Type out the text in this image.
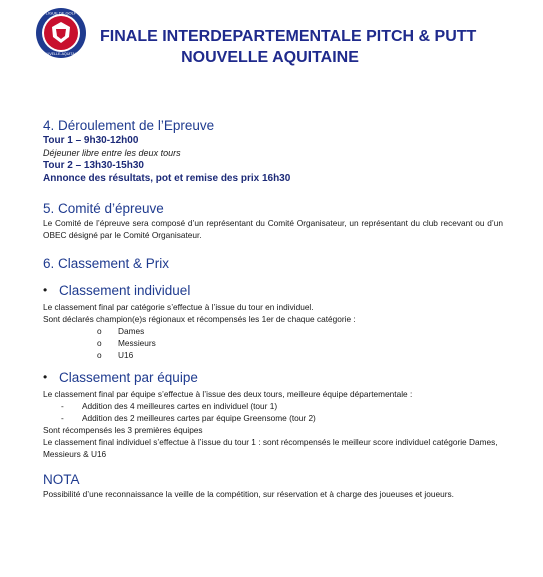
LIGUE DE GOLF
NOUVELLE-AQUITAINE
FINALE INTERDEPARTEMENTALE PITCH & PUTT
NOUVELLE AQUITAINE
4. Déroulement de l’Epreuve
Tour 1 – 9h30-12h00
Déjeuner libre entre les deux tours
Tour 2 – 13h30-15h30
Annonce des résultats, pot et remise des prix 16h30
5. Comité d’épreuve
Le Comité de l’épreuve sera composé d’un représentant du Comité Organisateur, un représentant du club recevant ou d’un OBEC désigné par le Comité Organisateur.
6. Classement & Prix
• Classement individuel
Le classement final par catégorie s’effectue à l’issue du tour en individuel.
Sont déclarés champion(e)s régionaux et récompensés les 1er de chaque catégorie :
o	Dames
o	Messieurs
o	U16
• Classement par équipe
Le classement final par équipe s’effectue à l’issue des deux tours, meilleure équipe départementale :
-	Addition des 4 meilleures cartes en individuel (tour 1)
-	Addition des 2 meilleures cartes par équipe Greensome (tour 2)
Sont récompensés les 3 premières équipes
Le classement final individuel s’effectue à l’issue du tour 1 : sont récompensés le meilleur score individuel catégorie Dames, Messieurs & U16
NOTA
Possibilité d’une reconnaissance la veille de la compétition, sur réservation et à charge des joueuses et joueurs.
